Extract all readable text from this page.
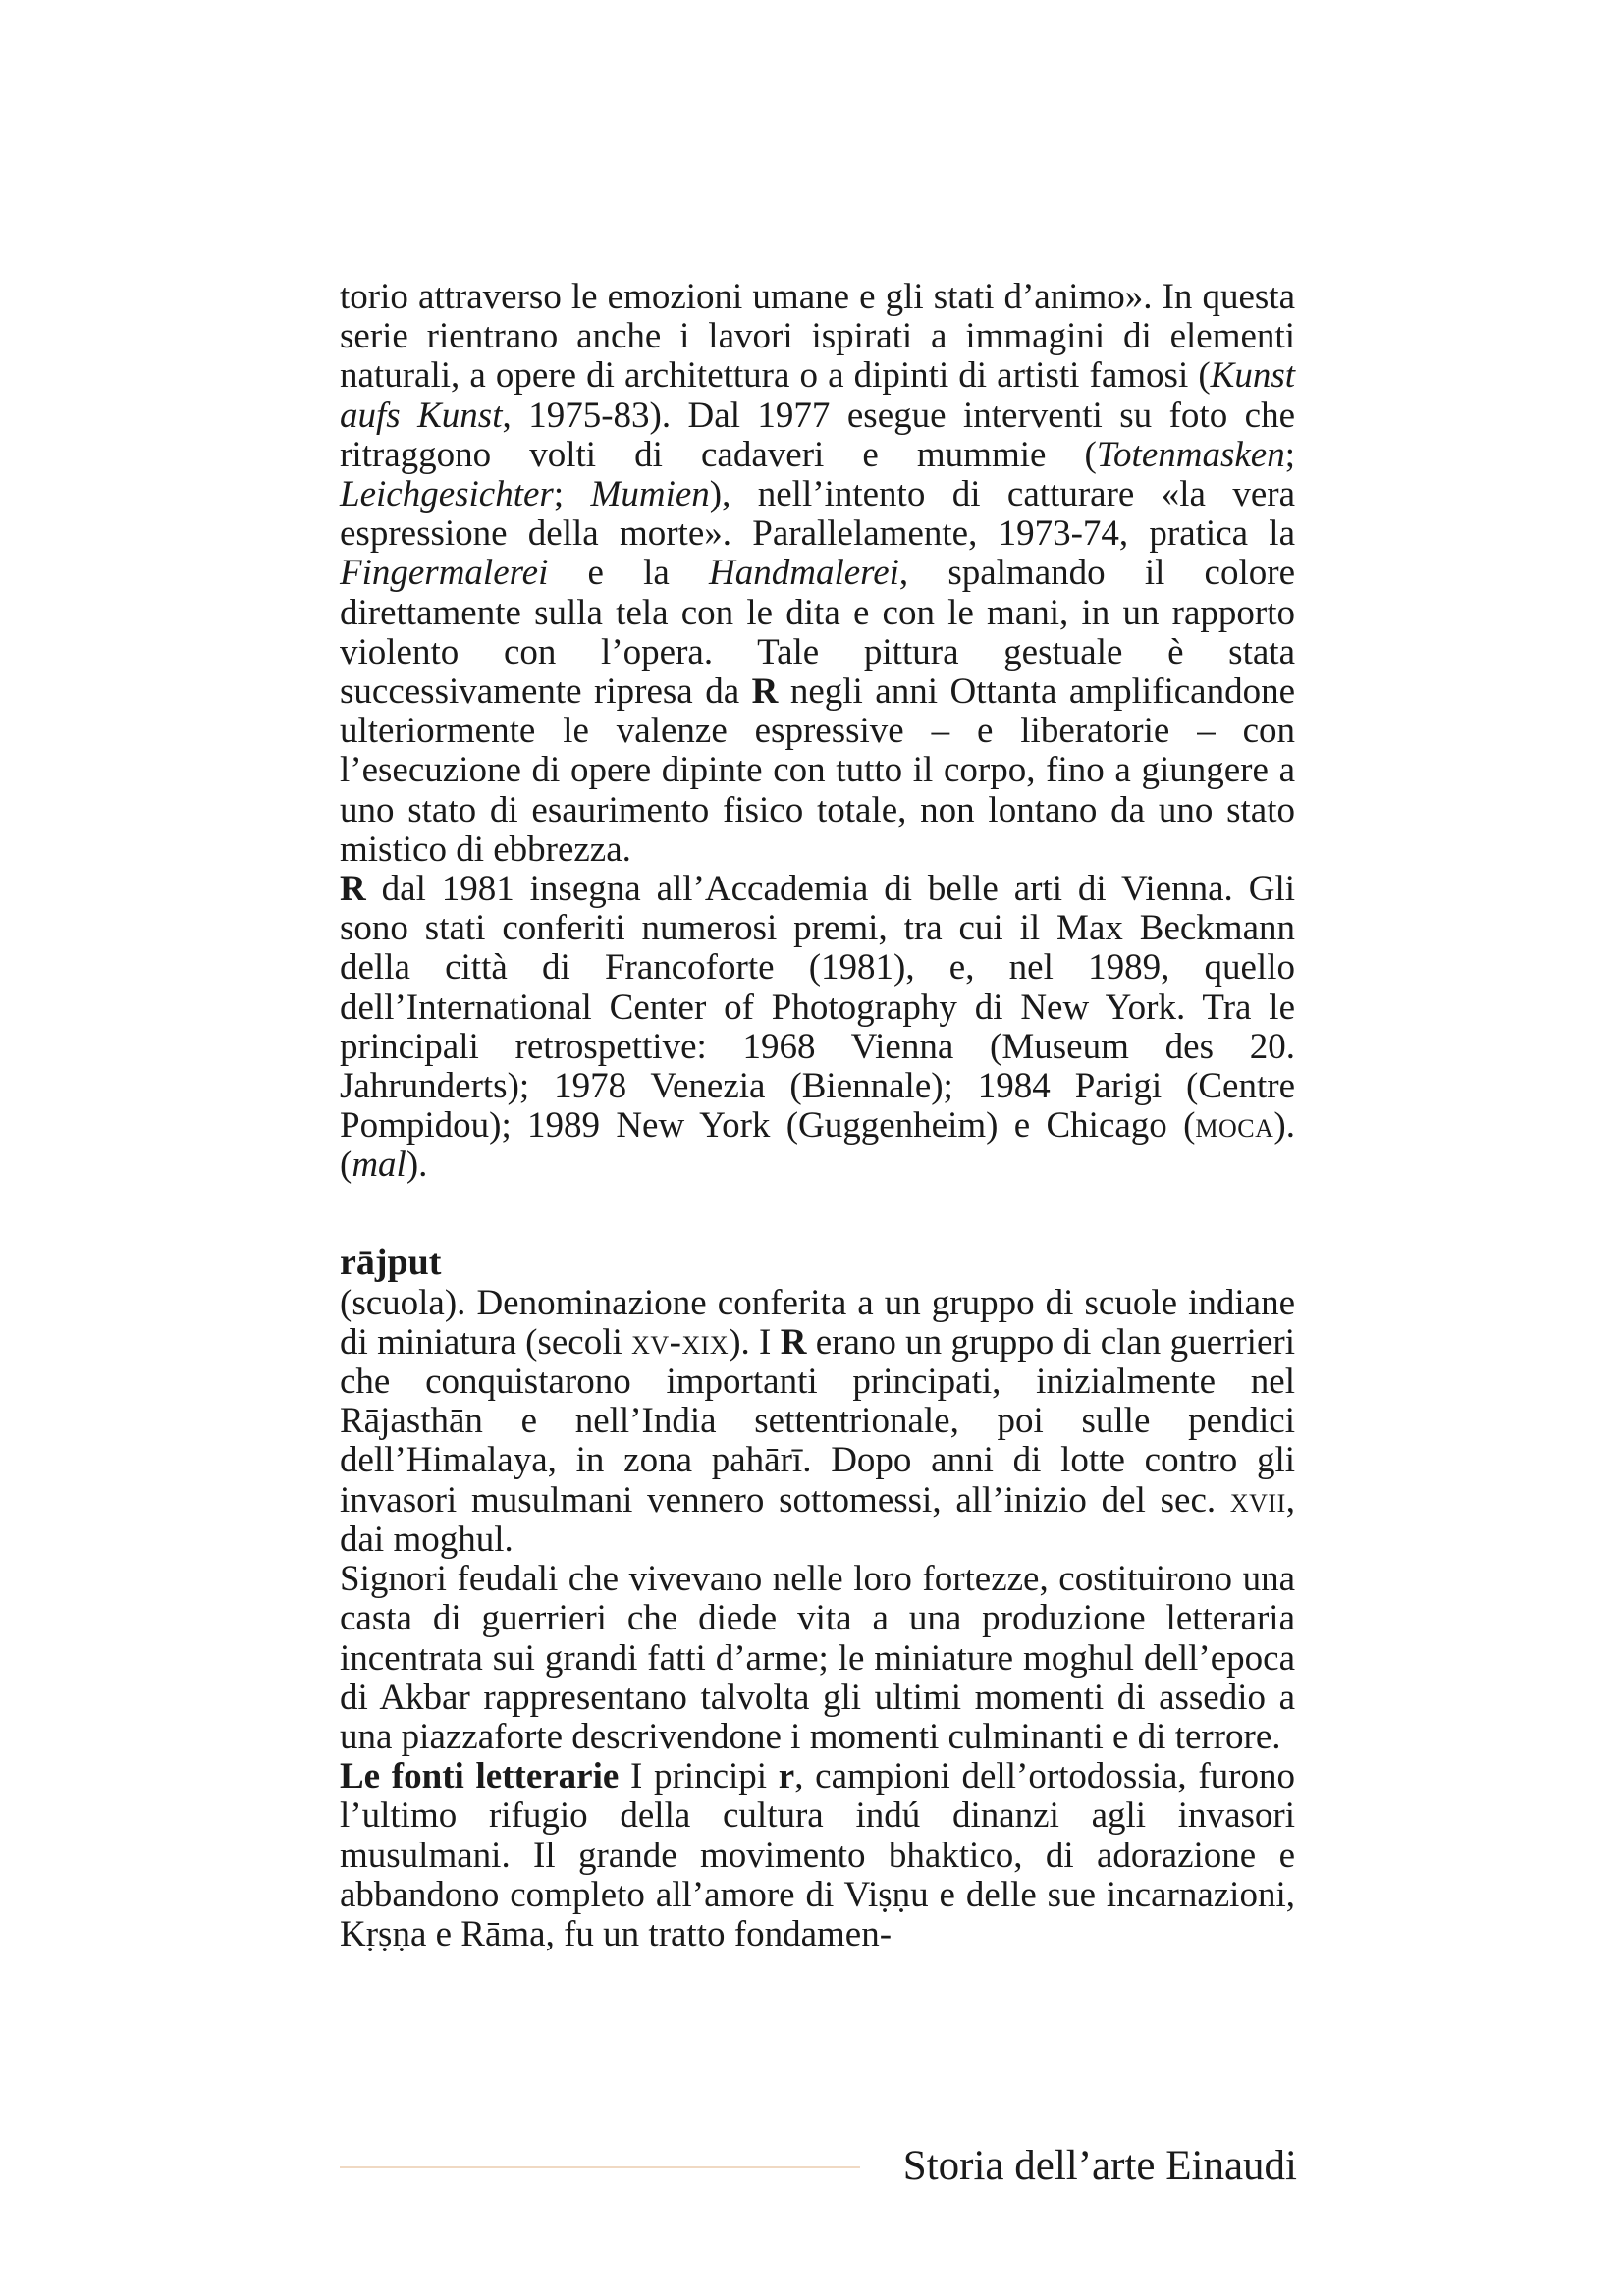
torio attraverso le emozioni umane e gli stati d’animo». In questa serie rientrano anche i lavori ispirati a immagini di elementi naturali, a opere di architettura o a dipinti di artisti famosi (Kunst aufs Kunst, 1975-83). Dal 1977 esegue interventi su foto che ritraggono volti di cadaveri e mummie (Totenmasken; Leichgesichter; Mumien), nell’intento di catturare «la vera espressione della morte». Parallelamente, 1973-74, pratica la Fingermalerei e la Handmalerei, spalmando il colore direttamente sulla tela con le dita e con le mani, in un rapporto violento con l’opera. Tale pittura gestuale è stata successivamente ripresa da R negli anni Ottanta amplificandone ulteriormente le valenze espressive – e liberatorie – con l’esecuzione di opere dipinte con tutto il corpo, fino a giungere a uno stato di esaurimento fisico totale, non lontano da uno stato mistico di ebbrezza.

R dal 1981 insegna all’Accademia di belle arti di Vienna. Gli sono stati conferiti numerosi premi, tra cui il Max Beckmann della città di Francoforte (1981), e, nel 1989, quello dell’International Center of Photography di New York. Tra le principali retrospettive: 1968 Vienna (Museum des 20. Jahrunderts); 1978 Venezia (Biennale); 1984 Parigi (Centre Pompidou); 1989 New York (Guggenheim) e Chicago (moca). (mal).

rājput

(scuola). Denominazione conferita a un gruppo di scuole indiane di miniatura (secoli xv-xix). I R erano un gruppo di clan guerrieri che conquistarono importanti principati, inizialmente nel Rājasthān e nell’India settentrionale, poi sulle pendici dell’Himalaya, in zona pahārī. Dopo anni di lotte contro gli invasori musulmani vennero sottomessi, all’inizio del sec. xvii, dai moghul.

Signori feudali che vivevano nelle loro fortezze, costituirono una casta di guerrieri che diede vita a una produzione letteraria incentrata sui grandi fatti d’arme; le miniature moghul dell’epoca di Akbar rappresentano talvolta gli ultimi momenti di assedio a una piazzaforte descrivendone i momenti culminanti e di terrore.

Le fonti letterarie I principi r, campioni dell’ortodossia, furono l’ultimo rifugio della cultura indú dinanzi agli invasori musulmani. Il grande movimento bhaktico, di adorazione e abbandono completo all’amore di Viṣṇu e delle sue incarnazioni, Kṛṣṇa e Rāma, fu un tratto fondamen-

Storia dell’arte Einaudi
